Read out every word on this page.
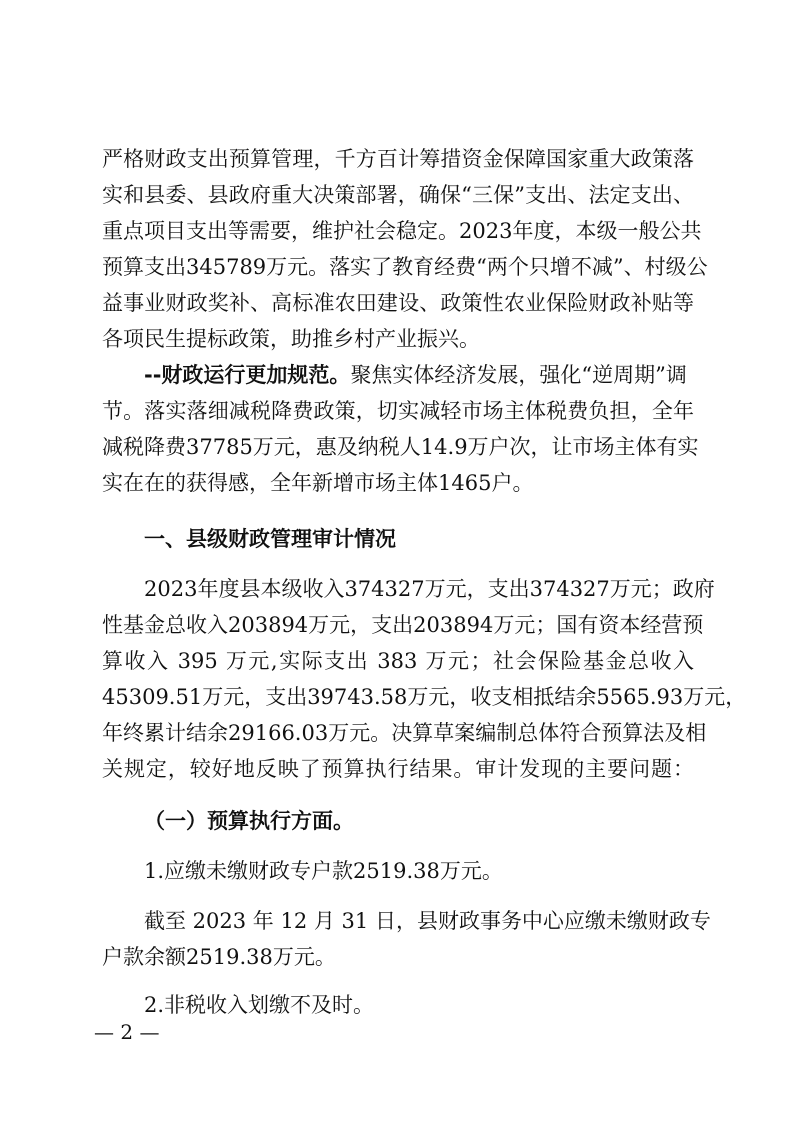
严格财政支出预算管理，千方百计筹措资金保障国家重大政策落
实和县委、县政府重大决策部署，确保“三保”支出、法定支出、
重点项目支出等需要，维护社会稳定。2023年度，本级一般公共
预算支出345789万元。落实了教育经费“两个只增不减”、村级公
益事业财政奖补、高标准农田建设、政策性农业保险财政补贴等
各项民生提标政策，助推乡村产业振兴。
--财政运行更加规范。聚焦实体经济发展，强化“逆周期”调
节。落实落细减税降费政策，切实减轻市场主体税费负担，全年
减税降费37785万元，惠及纳税人14.9万户次，让市场主体有实
实在在的获得感，全年新增市场主体1465户。
一、县级财政管理审计情况
2023年度县本级收入374327万元，支出374327万元；政府
性基金总收入203894万元，支出203894万元；国有资本经营预
算收入 395 万元,实际支出 383 万元；社会保险基金总收入
45309.51万元，支出39743.58万元，收支相抵结余5565.93万元，
年终累计结余29166.03万元。决算草案编制总体符合预算法及相
关规定，较好地反映了预算执行结果。审计发现的主要问题：
（一）预算执行方面。
1.应缴未缴财政专户款2519.38万元。
截至 2023 年 12 月 31 日，县财政事务中心应缴未缴财政专
户款余额2519.38万元。
2.非税收入划缴不及时。
— 2 —
